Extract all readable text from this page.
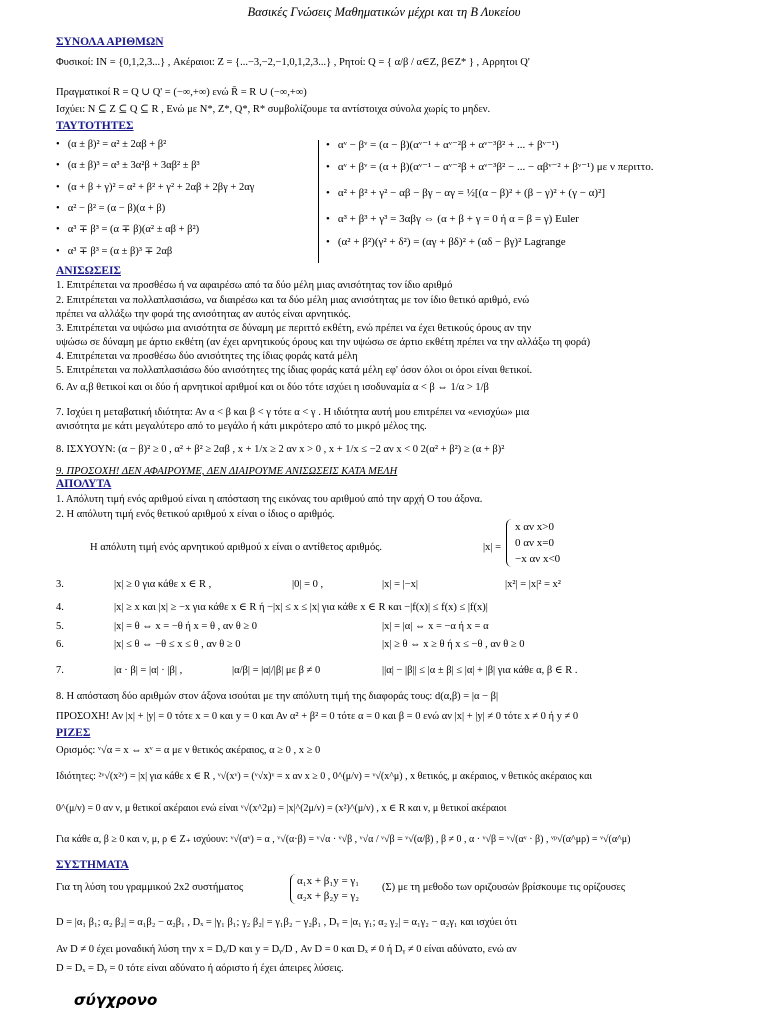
Βασικές Γνώσεις Μαθηματικών μέχρι και τη Β Λυκείου
ΣΥΝΟΛΑ ΑΡΙΘΜΩΝ
Φυσικοί: IN = {0,1,2,3...} , Ακέραιοι: Z = {...−3,−2,−1,0,1,2,3...} , Ρητοί: Q = { α/β / α∈Z, β∈Z* } , Αρρητοι Q'
Πραγματικοί R = Q ∪ Q' = (−∞,+∞) ενώ R̄ = R ∪ (−∞,+∞)
Ισχύει: N ⊆ Z ⊆ Q ⊆ R , Ενώ με N*, Z*, Q*, R* συμβολίζουμε τα αντίστοιχα σύνολα χωρίς το μηδεν.
ΤΑΥΤΟΤΗΤΕΣ
• (α ± β)² = α² ± 2αβ + β²
• (α ± β)³ = α³ ± 3α²β + 3αβ² ± β³
• (α + β + γ)² = α² + β² + γ² + 2αβ + 2βγ + 2αγ
• α² − β² = (α − β)(α + β)
• α³ ∓ β³ = (α ∓ β)(α² ± αβ + β²)
• α³ ∓ β³ = (α ± β)³ ∓ 2αβ
• αᵛ − βᵛ = (α − β)(αᵛ⁻¹ + αᵛ⁻²β + αᵛ⁻³β² + ... + βᵛ⁻¹)
• αᵛ + βᵛ = (α + β)(αᵛ⁻¹ − αᵛ⁻²β + αᵛ⁻³β² − ... − αβᵛ⁻² + βᵛ⁻¹) με ν περιττο.
• α² + β² + γ² − αβ − βγ − αγ = ½[(α − β)² + (β − γ)² + (γ − α)²]
• α³ + β³ + γ³ = 3αβγ ⇔ (α + β + γ = 0 ή α = β = γ) Euler
• (α² + β²)(γ² + δ²) = (αγ + βδ)² + (αδ − βγ)² Lagrange
ΑΝΙΣΩΣΕΙΣ
1. Επιτρέπεται να προσθέσω ή να αφαιρέσω από τα δύο μέλη μιας ανισότητας τον ίδιο αριθμό
2. Επιτρέπεται να πολλαπλασιάσω, να διαιρέσω και τα δύο μέλη μιας ανισότητας με τον ίδιο θετικό αριθμό, ενώ
πρέπει να αλλάξω την φορά της ανισότητας αν αυτός είναι αρνητικός.
3. Επιτρέπεται να υψώσω μια ανισότητα σε δύναμη με περιττό εκθέτη, ενώ πρέπει να έχει θετικούς όρους αν την
υψώσω σε δύναμη με άρτιο εκθέτη (αν έχει αρνητικούς όρους και την υψώσω σε άρτιο εκθέτη πρέπει να την αλλάξω τη φορά)
4. Επιτρέπεται να προσθέσω δύο ανισότητες της ίδιας φοράς κατά μέλη
5. Επιτρέπεται να πολλαπλασιάσω δύο ανισότητες της ίδιας φοράς κατά μέλη εφ' όσον όλοι οι όροι είναι θετικοί.
6. Αν α,β θετικοί και οι δύο ή αρνητικοί αριθμοί και οι δύο τότε ισχύει η ισοδυναμία α < β ⇔ 1/α > 1/β
7. Ισχύει η μεταβατική ιδιότητα: Αν α < β και β < γ τότε α < γ . Η ιδιότητα αυτή μου επιτρέπει να «ενισχύω» μια
ανισότητα με κάτι μεγαλύτερο από το μεγάλο ή κάτι μικρότερο από το μικρό μέλος της.
8. ΙΣΧΥΟΥΝ: (α − β)² ≥ 0 , α² + β² ≥ 2αβ , x + 1/x ≥ 2 αν x > 0 , x + 1/x ≤ −2 αν x < 0 2(α² + β²) ≥ (α + β)²
9. ΠΡΟΣΟΧΗ! ΔΕΝ ΑΦΑΙΡΟΥΜΕ, ΔΕΝ ΔΙΑΙΡΟΥΜΕ ΑΝΙΣΩΣΕΙΣ ΚΑΤΑ ΜΕΛΗ
ΑΠΟΛΥΤΑ
1. Απόλυτη τιμή ενός αριθμού είναι η απόσταση της εικόνας του αριθμού από την αρχή Ο του άξονα.
2. Η απόλυτη τιμή ενός θετικού αριθμού x είναι ο ίδιος ο αριθμός.
Η απόλυτη τιμή ενός αρνητικού αριθμού x είναι ο αντίθετος αριθμός.	|x| =
x αν x>0
0 αν x=0
−x αν x<0
3.	|x| ≥ 0 για κάθε x ∈ R ,	|0| = 0 ,	|x| = |−x|	|x²| = |x|² = x²
4.	|x| ≥ x και |x| ≥ −x για κάθε x ∈ R ή −|x| ≤ x ≤ |x| για κάθε x ∈ R και −|f(x)| ≤ f(x) ≤ |f(x)|
5.	|x| = θ ⇔ x = −θ ή x = θ , αν θ ≥ 0	|x| = |α| ⇔ x = −α ή x = α
6.	|x| ≤ θ ⇔ −θ ≤ x ≤ θ , αν θ ≥ 0	|x| ≥ θ ⇔ x ≥ θ ή x ≤ −θ , αν θ ≥ 0
7.	|α · β| = |α| · |β| ,	|α/β| = |α|/|β| με β ≠ 0	||α| − |β|| ≤ |α ± β| ≤ |α| + |β| για κάθε α, β ∈ R .
8. Η απόσταση δύο αριθμών στον άξονα ισούται με την απόλυτη τιμή της διαφοράς τους: d(α,β) = |α − β|
ΠΡΟΣΟΧΗ! Αν |x| + |y| = 0 τότε x = 0 και y = 0 και Αν α² + β² = 0 τότε α = 0 και β = 0 ενώ αν |x| + |y| ≠ 0 τότε x ≠ 0 ή y ≠ 0
ΡΙΖΕΣ
Ορισμός: ᵛ√α = x ⇔ xᵛ = α με ν θετικός ακέραιος, α ≥ 0 , x ≥ 0
Ιδιότητες: ²ᵛ√(x²ᵛ) = |x| για κάθε x ∈ R , ᵛ√(xᵛ) = (ᵛ√x)ᵛ = x αν x ≥ 0 , 0^(μ/ν) = ᵛ√(x^μ) , x θετικός, μ ακέραιος, ν θετικός ακέραιος και
0^(μ/ν) = 0 αν ν, μ θετικοί ακέραιοι ενώ είναι ᵛ√(x^2μ) = |x|^(2μ/ν) = (x²)^(μ/ν) , x ∈ R και ν, μ θετικοί ακέραιοι
Για κάθε α, β ≥ 0 και ν, μ, ρ ∈ Z₊ ισχύουν: ᵛ√(αᵛ) = α , ᵛ√(α·β) = ᵛ√α · ᵛ√β , ᵛ√α / ᵛ√β = ᵛ√(α/β) , β ≠ 0 , α · ᵛ√β = ᵛ√(αᵛ · β) , ᵛᵖ√(α^μρ) = ᵛ√(α^μ)
ΣΥΣΤΗΜΑΤΑ
Για τη λύση του γραμμικού 2x2 συστήματος
α₁x + β₁y = γ₁
α₂x + β₂y = γ₂
(Σ) με τη μεθοδο των οριζουσών βρίσκουμε τις ορίζουσες
D = |α₁ β₁; α₂ β₂| = α₁β₂ − α₂β₁ , Dₓ = |γ₁ β₁; γ₂ β₂| = γ₁β₂ − γ₂β₁ , Dᵧ = |α₁ γ₁; α₂ γ₂| = α₁γ₂ − α₂γ₁ και ισχύει ότι
Αν D ≠ 0 έχει μοναδική λύση την x = Dₓ/D και y = Dᵧ/D , Αν D = 0 και Dₓ ≠ 0 ή Dᵧ ≠ 0 είναι αδύνατο, ενώ αν
D = Dₓ = Dᵧ = 0 τότε είναι αδύνατο ή αόριστο ή έχει άπειρες λύσεις.
σύγχρονο
